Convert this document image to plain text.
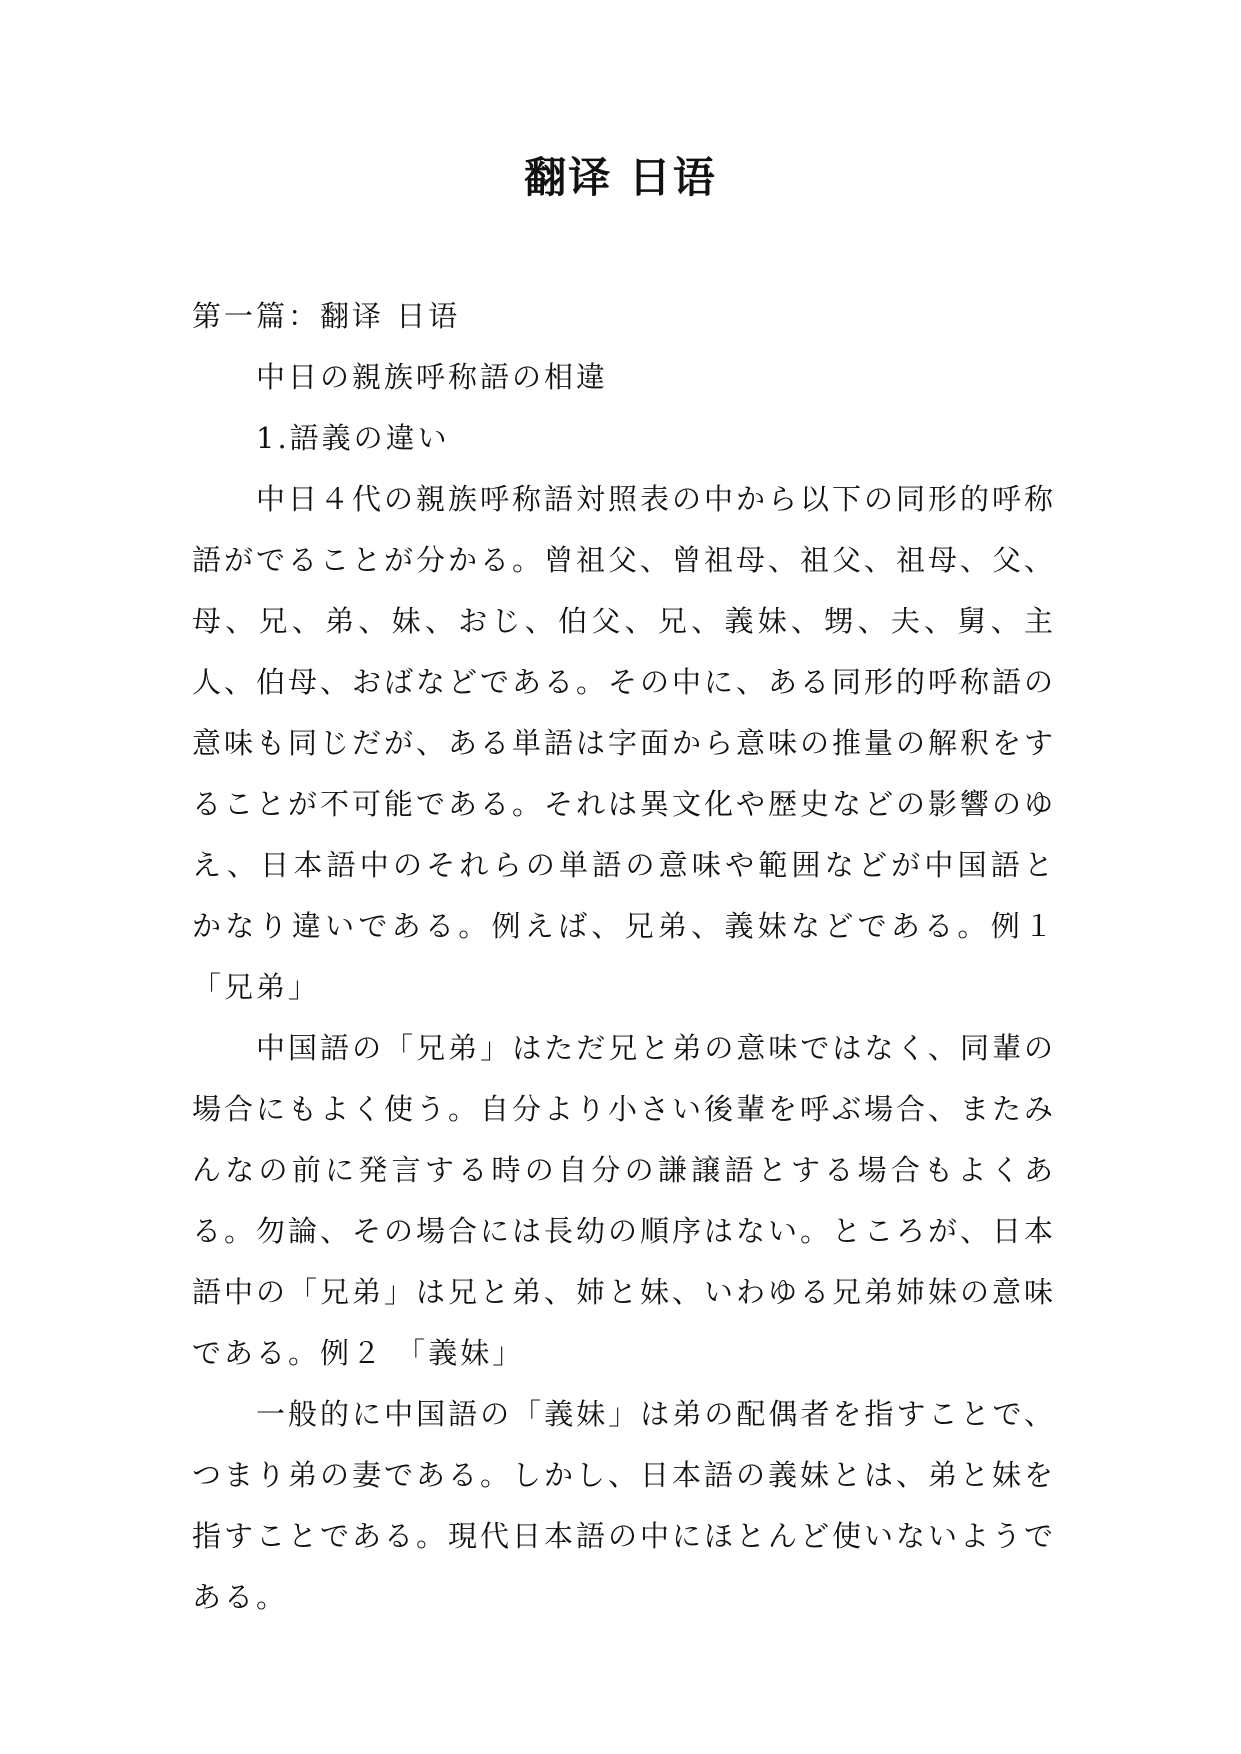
翻译 日语

第一篇：翻译 日语

中日の親族呼称語の相違

1.語義の違い

中日４代の親族呼称語対照表の中から以下の同形的呼称語がでることが分かる。曾祖父、曾祖母、祖父、祖母、父、母、兄、弟、妹、おじ、伯父、兄、義妹、甥、夫、舅、主人、伯母、おばなどである。その中に、ある同形的呼称語の意味も同じだが、ある単語は字面から意味の推量の解釈をすることが不可能である。それは異文化や歴史などの影響のゆえ、日本語中のそれらの単語の意味や範囲などが中国語とかなり違いである。例えば、兄弟、義妹などである。例１ 「兄弟」

中国語の「兄弟」はただ兄と弟の意味ではなく、同輩の場合にもよく使う。自分より小さい後輩を呼ぶ場合、またみんなの前に発言する時の自分の謙譲語とする場合もよくある。勿論、その場合には長幼の順序はない。ところが、日本語中の「兄弟」は兄と弟、姉と妹、いわゆる兄弟姉妹の意味である。例２ 「義妹」

一般的に中国語の「義妹」は弟の配偶者を指すことで、つまり弟の妻である。しかし、日本語の義妹とは、弟と妹を指すことである。現代日本語の中にほとんど使いないようである。
